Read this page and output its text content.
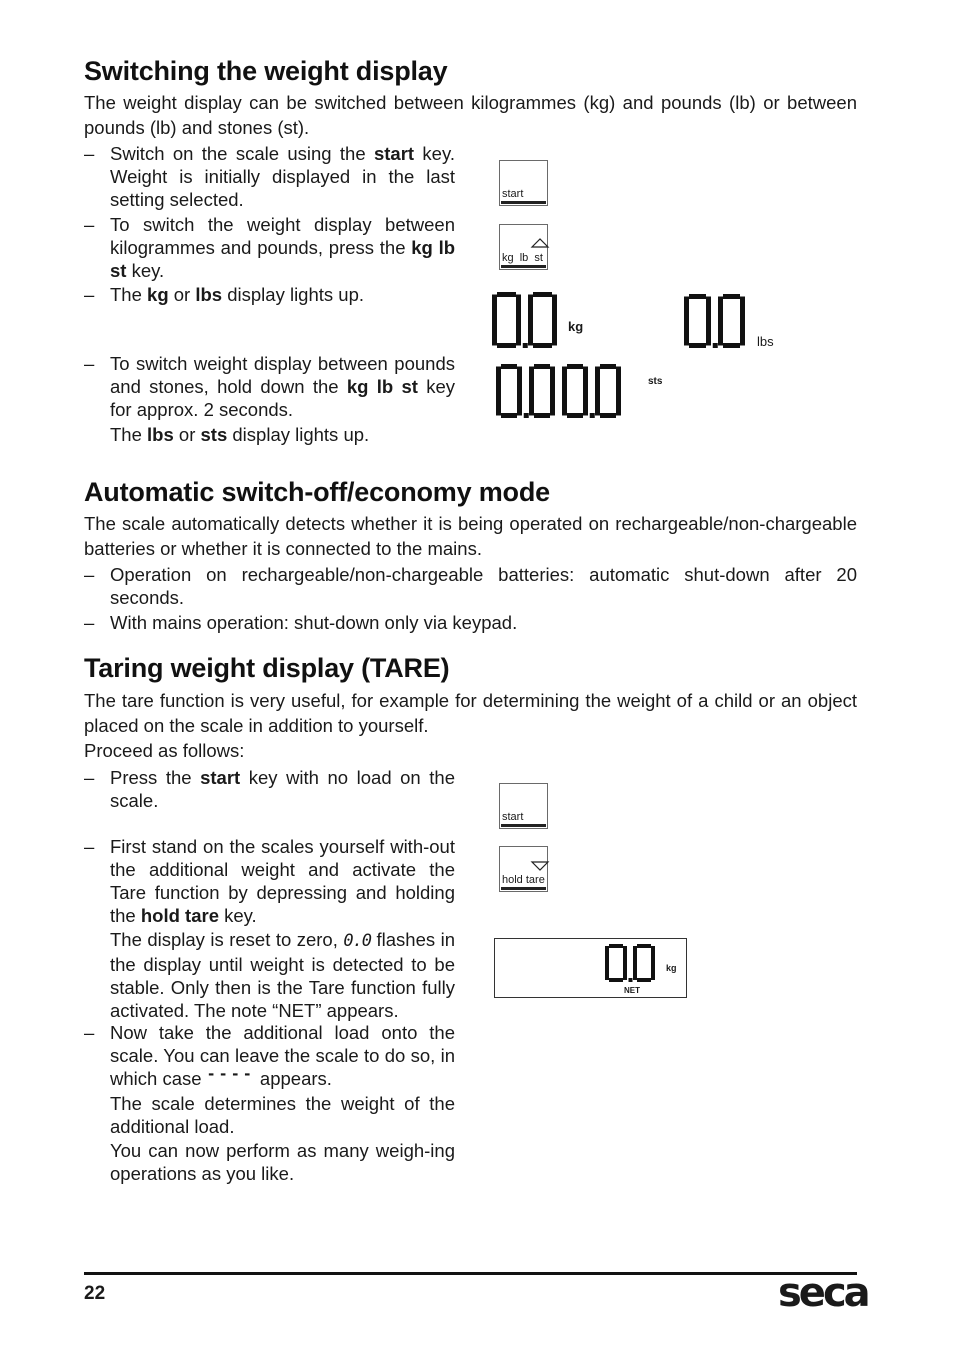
Switching the weight display

The weight display can be switched between kilogrammes (kg) and pounds (lb) or between pounds (lb) and stones (st).

– Switch on the scale using the start key. Weight is initially displayed in the last setting selected.

– To switch the weight display between kilogrammes and pounds, press the kg lb st key.

– The kg or lbs display lights up.

– To switch weight display between pounds and stones, hold down the kg lb st key for approx. 2 seconds.

The lbs or sts display lights up.

start
kg  lb  st
kg
lbs
sts
Automatic switch-off/economy mode

The scale automatically detects whether it is being operated on rechargeable/non-chargeable batteries or whether it is connected to the mains.

– Operation on rechargeable/non-chargeable batteries: automatic shut-down after 20 seconds.

– With mains operation: shut-down only via keypad.

Taring weight display (TARE)

The tare function is very useful, for example for determining the weight of a child or an object placed on the scale in addition to yourself.

Proceed as follows:

– Press the start key with no load on the scale.

– First stand on the scales yourself with-out the additional weight and activate the Tare function by depressing and holding the hold tare key.

The display is reset to zero, 0.0 flashes in the display until weight is detected to be stable. Only then is the Tare function fully activated. The note “NET” appears.

– Now take the additional load onto the scale. You can leave the scale to do so, in which case ---- appears.

The scale determines the weight of the additional load.

You can now perform as many weigh-ing operations as you like.

start
hold tare
kg
NET
22	seca
